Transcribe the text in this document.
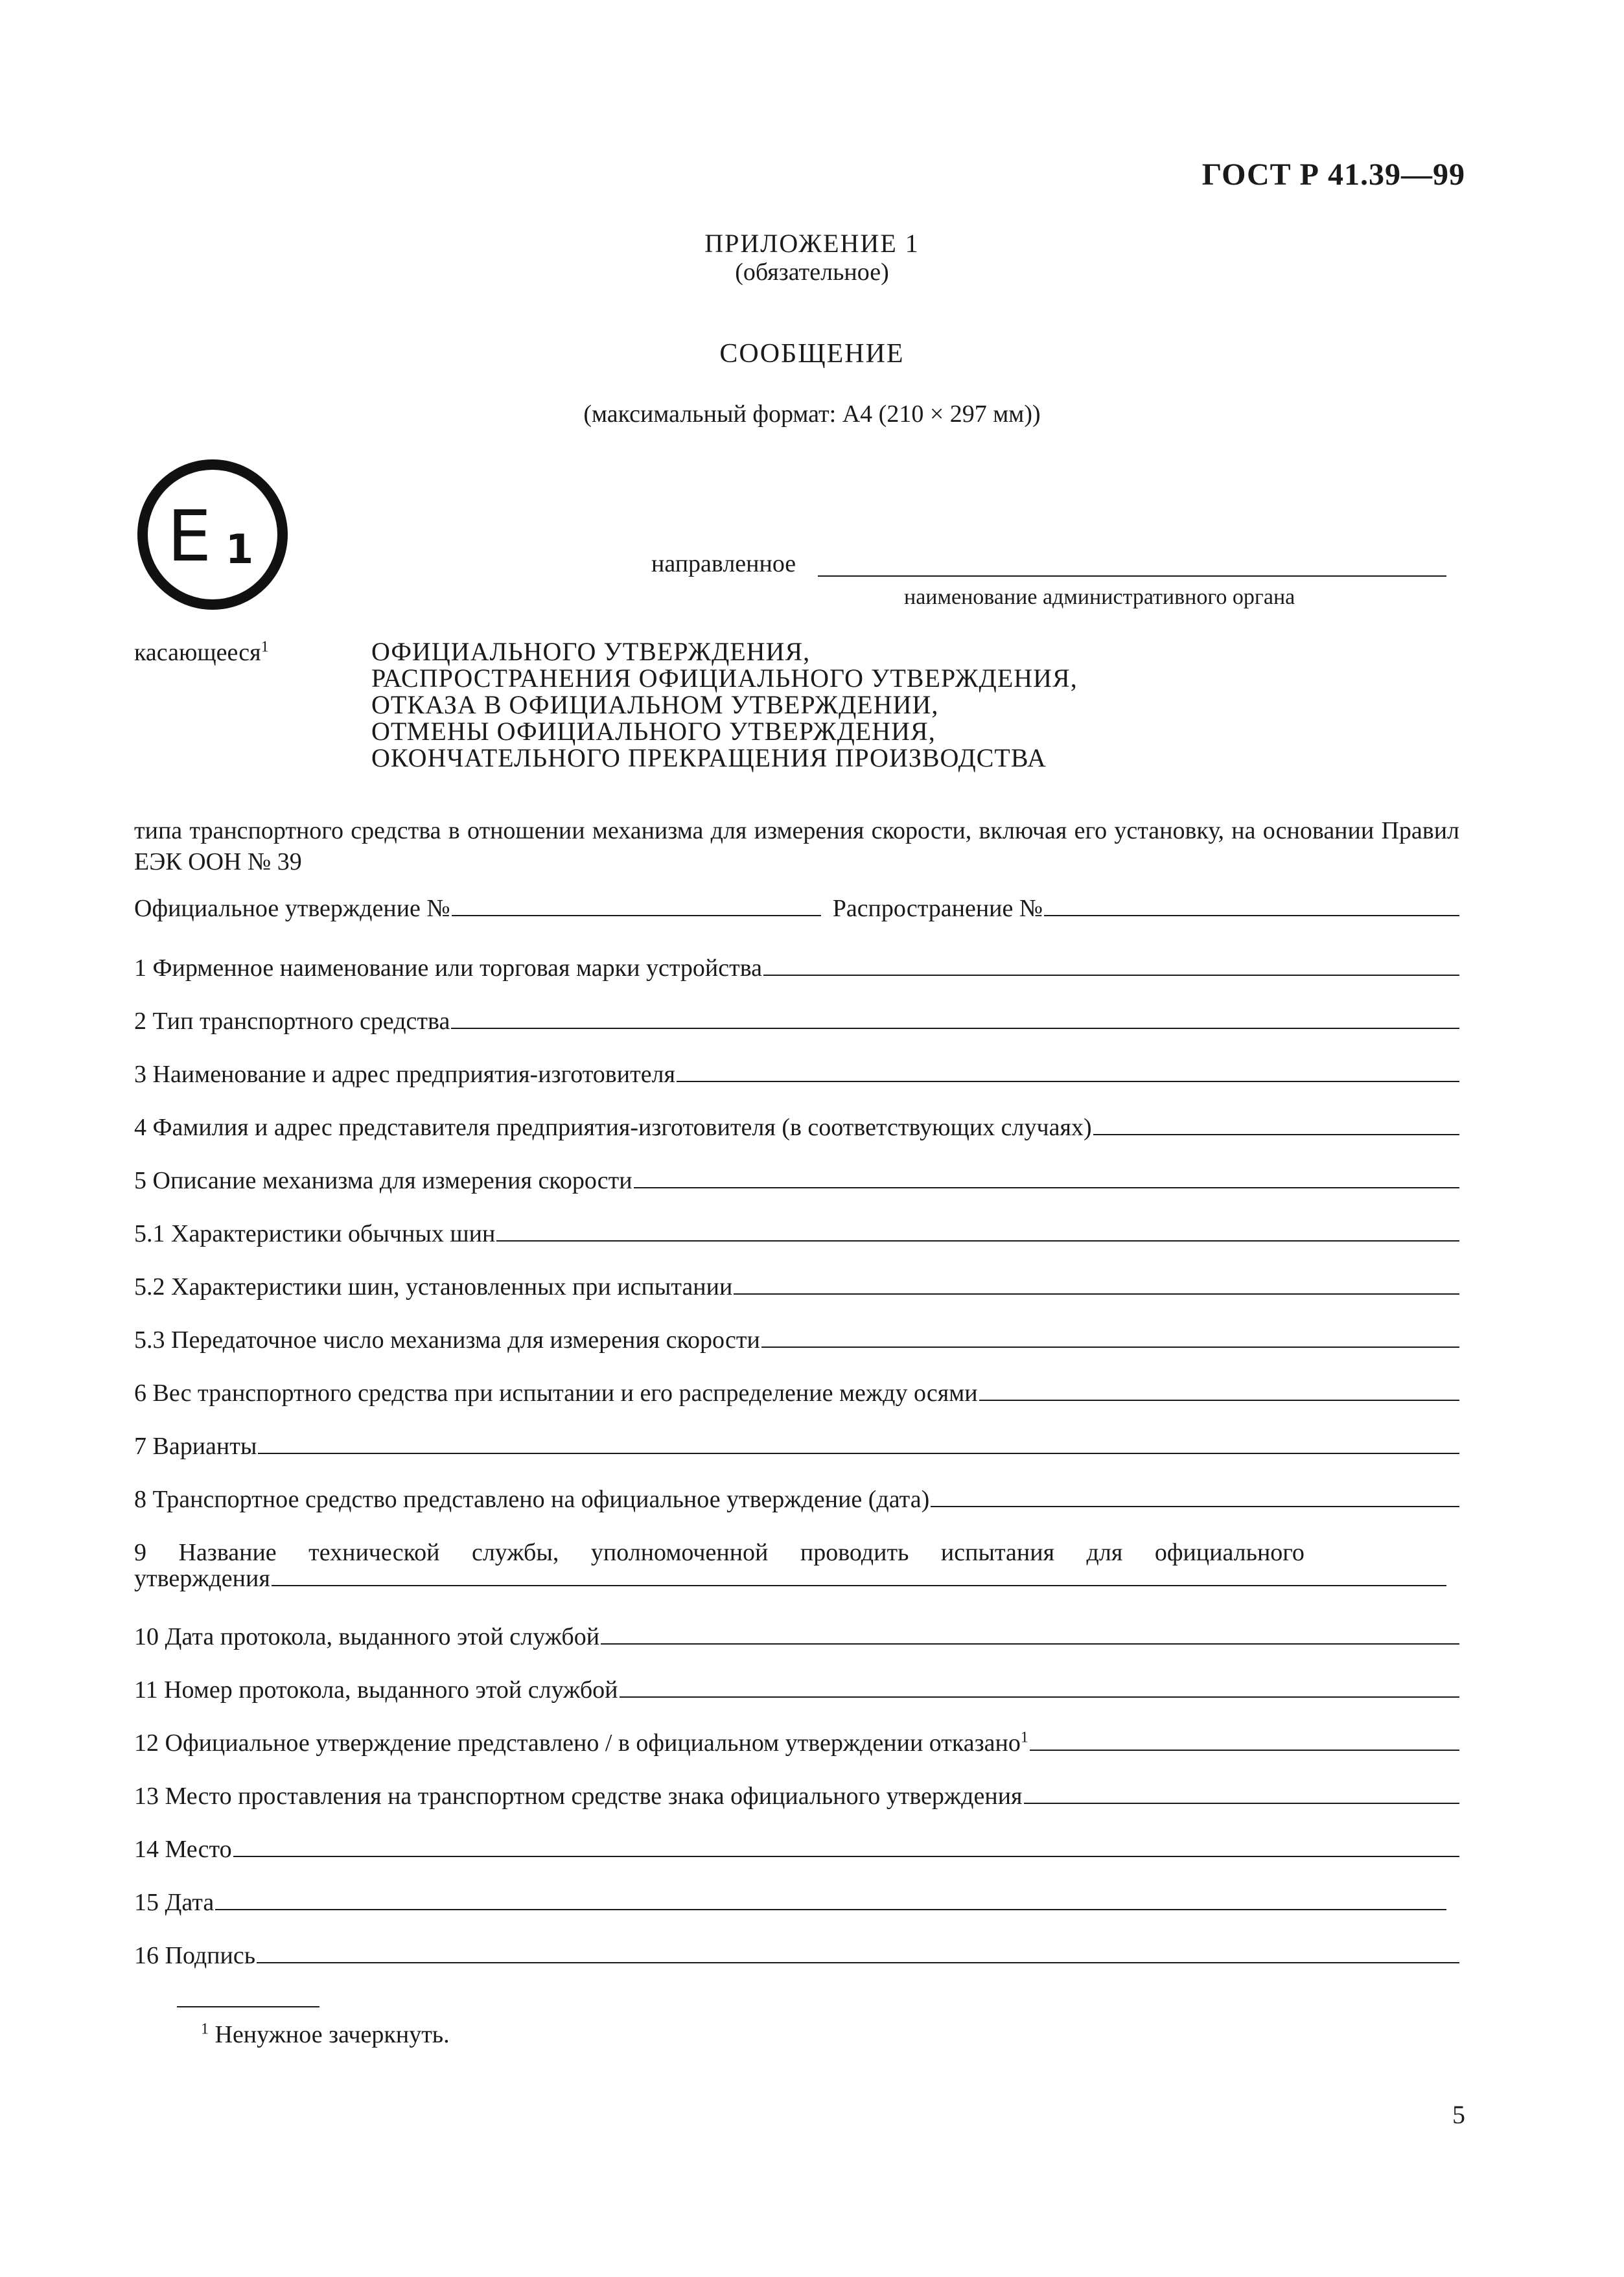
ГОСТ Р 41.39—99
ПРИЛОЖЕНИЕ 1
(обязательное)
СООБЩЕНИЕ
(максимальный формат: А4 (210 × 297 мм))
E 1	направленное
наименование административного органа
касающееся$^1$	ОФИЦИАЛЬНОГО УТВЕРЖДЕНИЯ,
РАСПРОСТРАНЕНИЯ ОФИЦИАЛЬНОГО УТВЕРЖДЕНИЯ,
ОТКАЗА В ОФИЦИАЛЬНОМ УТВЕРЖДЕНИИ,
ОТМЕНЫ ОФИЦИАЛЬНОГО УТВЕРЖДЕНИЯ,
ОКОНЧАТЕЛЬНОГО ПРЕКРАЩЕНИЯ ПРОИЗВОДСТВА
типа транспортного средства в отношении механизма для измерения скорости, включая его установку, на основании Правил ЕЭК ООН № 39
Официальное утверждение №	Распространение №
1 Фирменное наименование или торговая марки устройства
2 Тип транспортного средства
3 Наименование и адрес предприятия-изготовителя
4 Фамилия и адрес представителя предприятия-изготовителя (в соответствующих случаях)
5 Описание механизма для измерения скорости
5.1 Характеристики обычных шин
5.2 Характеристики шин, установленных при испытании
5.3 Передаточное число механизма для измерения скорости
6 Вес транспортного средства при испытании и его распределение между осями
7 Варианты
8 Транспортное средство представлено на официальное утверждение (дата)
9 Название технической службы, уполномоченной проводить испытания для официального
утверждения
10 Дата протокола, выданного этой службой
11 Номер протокола, выданного этой службой
12 Официальное утверждение представлено / в официальном утверждении отказано$^1$
13 Место проставления на транспортном средстве знака официального утверждения
14 Место
15 Дата
16 Подпись
$^1$ Ненужное зачеркнуть.
5
